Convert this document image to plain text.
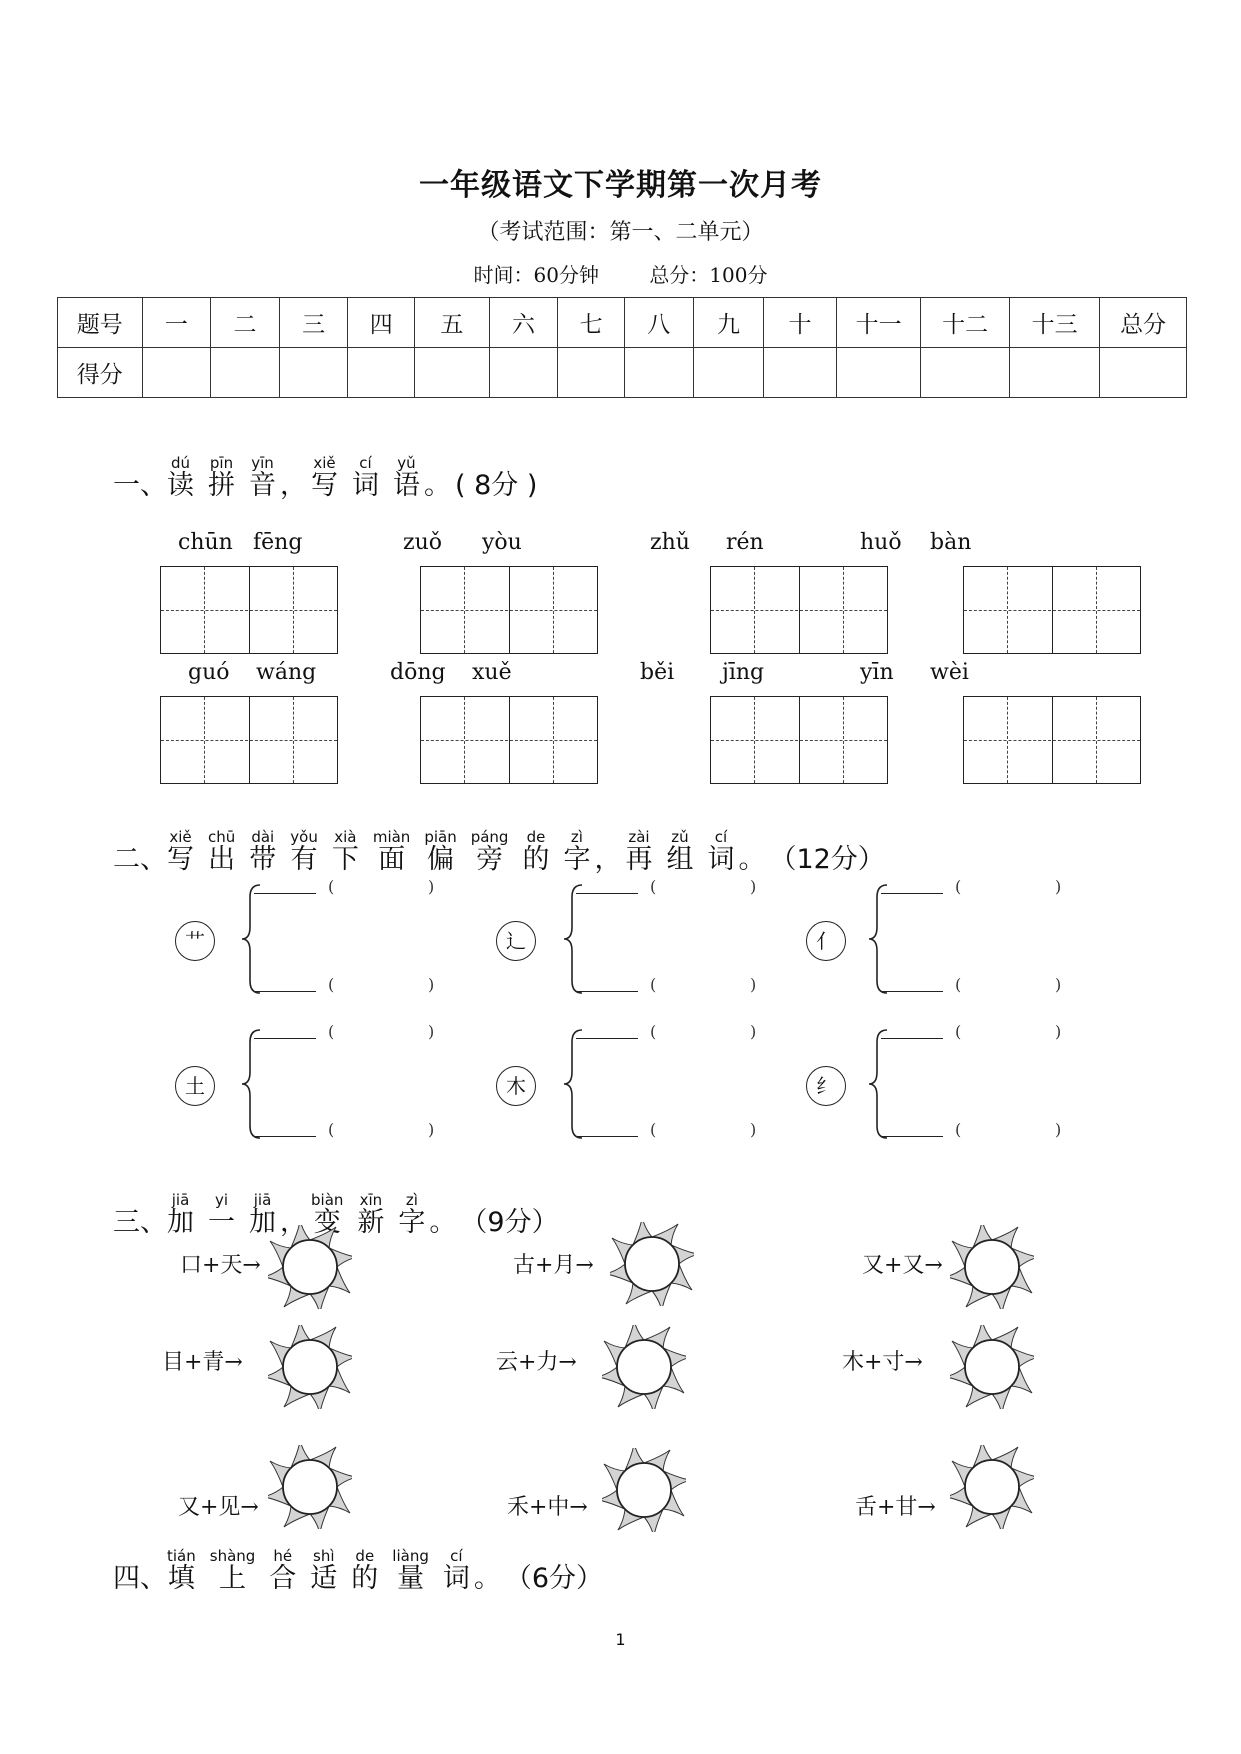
一年级语文下学期第一次月考
（考试范围：第一、二单元）
时间：60分钟	总分：100分
题号	一	二	三	四	五	六	七	八	九	十	十一	十二	十三	总分
得分														
一、
dú
读
pīn
拼
yīn
音 ，
xiě
写
cí
词
yǔ
语 。 ( 8分 )
chūn fēng	zuǒ yòu	zhǔ rén	huǒ bàn
guó wáng	dōng xuě	běi jīng	yīn wèi
二、
xiě
写
chū
出
dài
带
yǒu
有
xià
下
miàn
面
piān
偏
páng
旁
de
的
zì
字 ，
zài
再
zǔ
组
cí
词 。 （12分）
艹
(	)
(	)
辶
(	)
(	)
亻
(	)
(	)
土
(	)
(	)
木
(	)
(	)
纟
(	)
(	)
三、
jiā
加
yi
一
jiā
加 ，
biàn
变
xīn
新
zì
字 。 （9分）
口+天→	古+月→	又+又→
目+青→	云+力→	木+寸→
又+见→	禾+中→	舌+甘→
四、
tián
填
shàng
上
hé
合
shì
适
de
的
liàng
量
cí
词 。 （6分）
1
